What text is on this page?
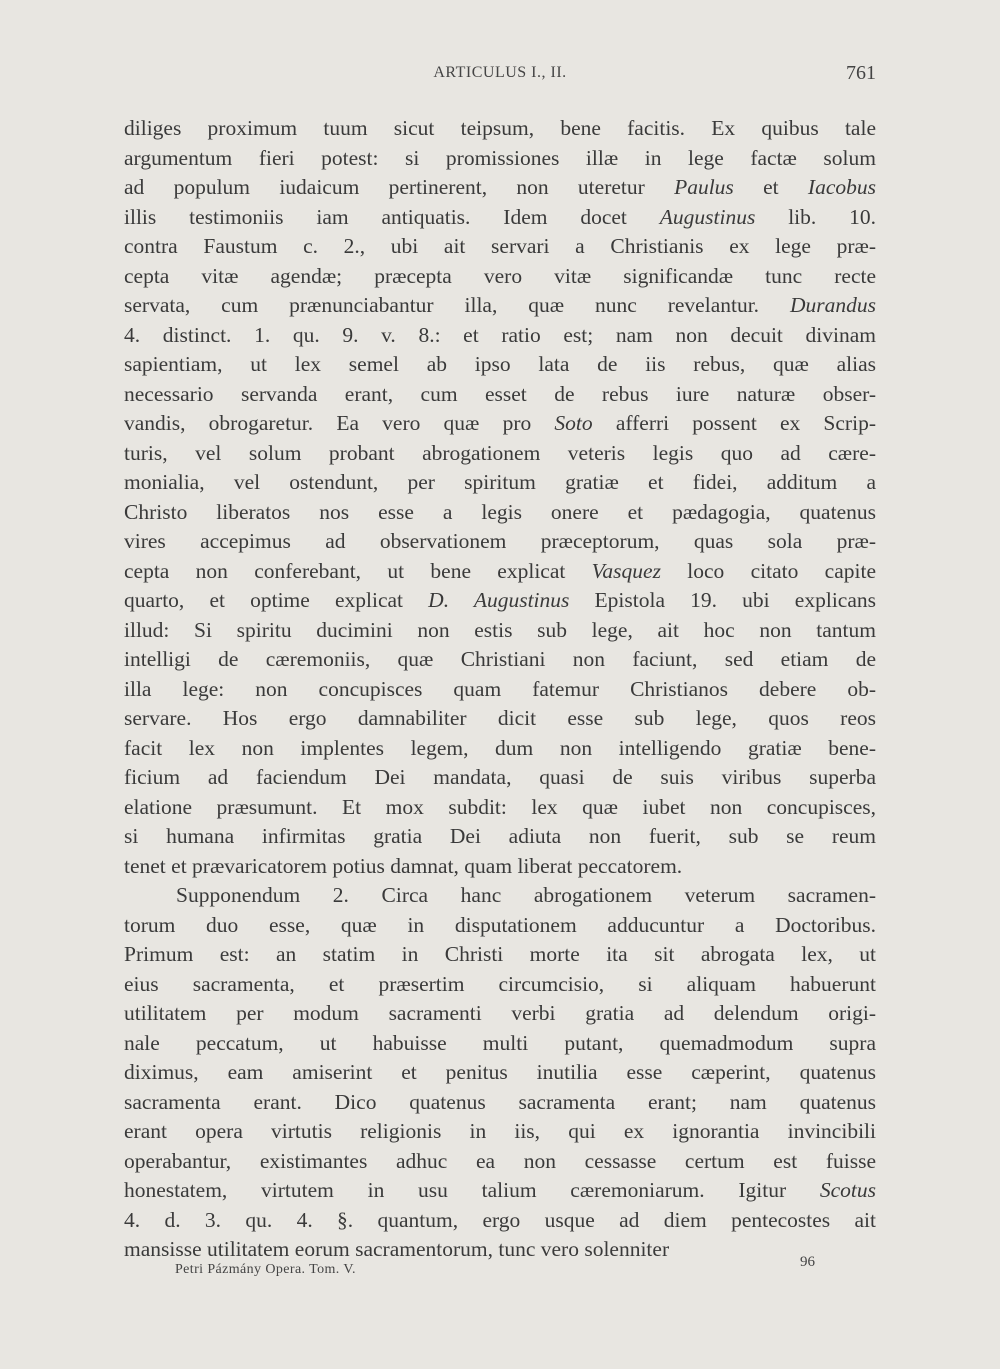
ARTICULUS I., II.	761
diliges proximum tuum sicut teipsum, bene facitis. Ex quibus tale
argumentum fieri potest: si promissiones illæ in lege factæ solum
ad populum iudaicum pertinerent, non uteretur Paulus et Iacobus
illis testimoniis iam antiquatis. Idem docet Augustinus lib. 10.
contra Faustum c. 2., ubi ait servari a Christianis ex lege præ-
cepta vitæ agendæ; præcepta vero vitæ significandæ tunc recte
servata, cum prænunciabantur illa, quæ nunc revelantur. Durandus
4. distinct. 1. qu. 9. v. 8.: et ratio est; nam non decuit divinam
sapientiam, ut lex semel ab ipso lata de iis rebus, quæ alias
necessario servanda erant, cum esset de rebus iure naturæ obser-
vandis, obrogaretur. Ea vero quæ pro Soto afferri possent ex Scrip-
turis, vel solum probant abrogationem veteris legis quo ad cære-
monialia, vel ostendunt, per spiritum gratiæ et fidei, additum a
Christo liberatos nos esse a legis onere et pædagogia, quatenus
vires accepimus ad observationem præceptorum, quas sola præ-
cepta non conferebant, ut bene explicat Vasquez loco citato capite
quarto, et optime explicat D. Augustinus Epistola 19. ubi explicans
illud: Si spiritu ducimini non estis sub lege, ait hoc non tantum
intelligi de cæremoniis, quæ Christiani non faciunt, sed etiam de
illa lege: non concupisces quam fatemur Christianos debere ob-
servare. Hos ergo damnabiliter dicit esse sub lege, quos reos
facit lex non implentes legem, dum non intelligendo gratiæ bene-
ficium ad faciendum Dei mandata, quasi de suis viribus superba
elatione præsumunt. Et mox subdit: lex quæ iubet non concupisces,
si humana infirmitas gratia Dei adiuta non fuerit, sub se reum
tenet et prævaricatorem potius damnat, quam liberat peccatorem.
Supponendum 2. Circa hanc abrogationem veterum sacramen-
torum duo esse, quæ in disputationem adducuntur a Doctoribus.
Primum est: an statim in Christi morte ita sit abrogata lex, ut
eius sacramenta, et præsertim circumcisio, si aliquam habuerunt
utilitatem per modum sacramenti verbi gratia ad delendum origi-
nale peccatum, ut habuisse multi putant, quemadmodum supra
diximus, eam amiserint et penitus inutilia esse cæperint, quatenus
sacramenta erant. Dico quatenus sacramenta erant; nam quatenus
erant opera virtutis religionis in iis, qui ex ignorantia invincibili
operabantur, existimantes adhuc ea non cessasse certum est fuisse
honestatem, virtutem in usu talium cæremoniarum. Igitur Scotus
4. d. 3. qu. 4. §. quantum, ergo usque ad diem pentecostes ait
mansisse utilitatem eorum sacramentorum, tunc vero solenniter
Petri Pázmány Opera. Tom. V.	96
